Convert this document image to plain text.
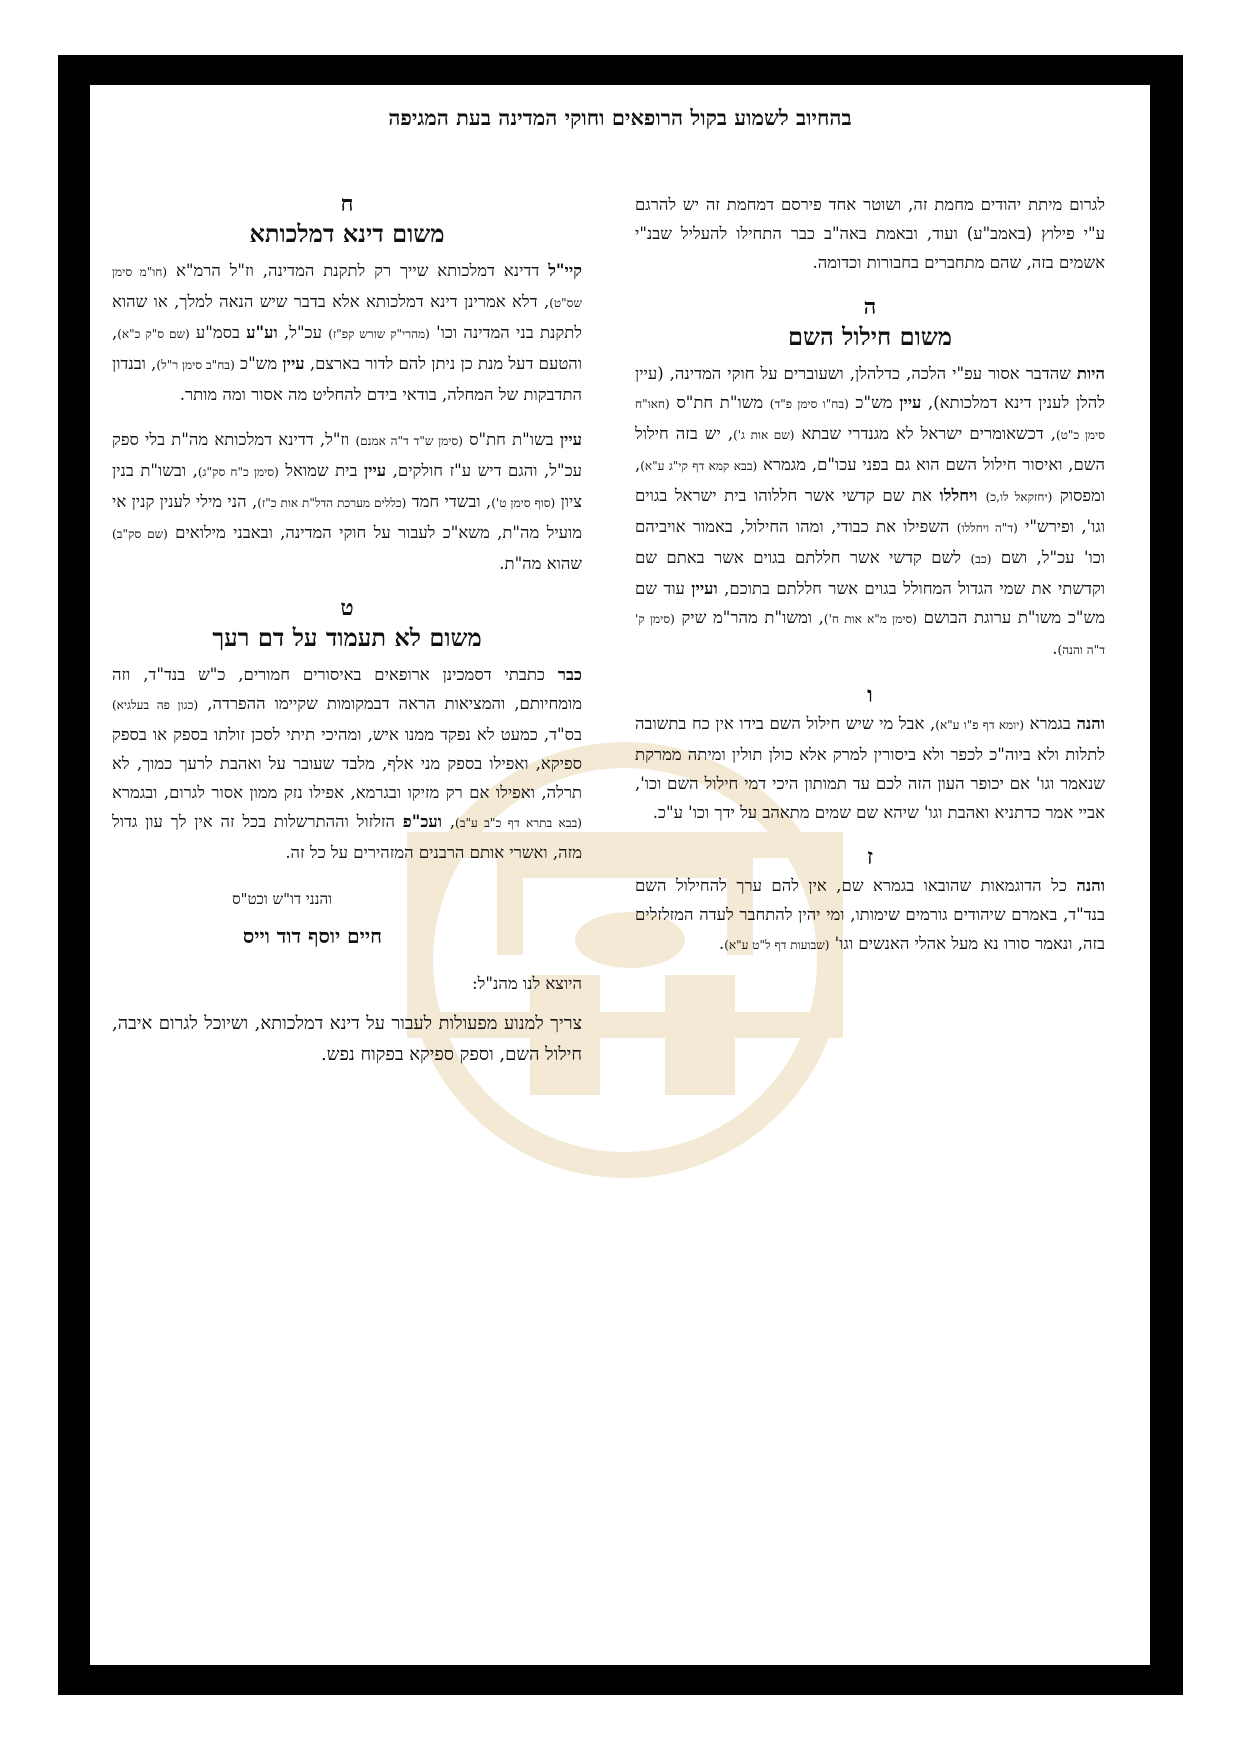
בהחיוב לשמוע בקול הרופאים וחוקי המדינה בעת המגיפה

לגרום מיתת יהודים מחמת זה, ושוטר אחד פירסם דמחמת זה יש להרגם ע"י פילוץ (באמב"ע) ועוד, ובאמת באה"ב כבר התחילו להעליל שבנ"י אשמים בזה, שהם מתחברים בחבורות וכדומה.

ה
משום חילול השם

היות שהדבר אסור עפ"י הלכה, כדלהלן, ושעוברים על חוקי המדינה, (עיין להלן לענין דינא דמלכותא), עיין מש"כ (בח"ו סימן פ"ד) משו"ת חת"ס (חאו"ח סימן כ"ט), דכשאומרים ישראל לא מגנדרי שבתא (שם אות ג'), יש בזה חילול השם, ואיסור חילול השם הוא גם בפני עכו"ם, מגמרא (בבא קמא דף קי"ג ע"א), ומפסוק (יחזקאל לו,כ) ויחללו את שם קדשי אשר חללוהו בית ישראל בגוים וגו', ופירש"י (ד"ה ויחללו) השפילו את כבודי, ומהו החילול, באמור אויביהם וכו' עכ"ל, ושם (כב) לשם קדשי אשר חללתם בגוים אשר באתם שם וקדשתי את שמי הגדול המחולל בגוים אשר חללתם בתוכם, ועיין עוד שם מש"כ משו"ת ערוגת הבושם (סימן מ"א אות ח'), ומשו"ת מהר"מ שיק (סימן ק' ד"ה והנה).

ו

והנה בגמרא (יומא דף פ"ו ע"א), אבל מי שיש חילול השם בידו אין כח בתשובה לתלות ולא ביוה"כ לכפר ולא ביסורין למרק אלא כולן תולין ומיתה ממרקת שנאמר וגו' אם יכופר העון הזה לכם עד תמותון היכי דמי חילול השם וכו', אביי אמר כדתניא ואהבת וגו' שיהא שם שמים מתאהב על ידך וכו' ע"כ.

ז

והנה כל הדוגמאות שהובאו בגמרא שם, אין להם ערך להחילול השם בנד"ד, באמרם שיהודים גורמים שימותו, ומי יהין להתחבר לעדה המזלזלים בזה, ונאמר סורו נא מעל אהלי האנשים וגו' (שבועות דף ל"ט ע"א).

ח
משום דינא דמלכותא

קיי"ל דדינא דמלכותא שייך רק לתקנת המדינה, וז"ל הרמ"א (חו"מ סימן שס"ט), דלא אמרינן דינא דמלכותא אלא בדבר שיש הנאה למלך, או שהוא לתקנת בני המדינה וכו' (מהרי"ק שורש קפ"ז) עכ"ל, וע"ע בסמ"ע (שם ס"ק כ"א), והטעם דעל מנת כן ניתן להם לדור בארצם, עיין מש"כ (בח"ב סימן ר"ל), ובנדון התדבקות של המחלה, בודאי בידם להחליט מה אסור ומה מותר.

עיין בשו"ת חת"ס (סימן ש"ד ד"ה אמנם) וז"ל, דדינא דמלכותא מה"ת בלי ספק עכ"ל, והגם דיש ע"ז חולקים, עיין בית שמואל (סימן כ"ח סק"ג), ובשו"ת בנין ציון (סוף סימן ט'), ובשדי חמד (כללים מערכת הדל"ת אות כ"ז), הני מילי לענין קנין אי מועיל מה"ת, משא"כ לעבור על חוקי המדינה, ובאבני מילואים (שם סק"ב) שהוא מה"ת.

ט
משום לא תעמוד על דם רעך

כבר כתבתי דסמכינן ארופאים באיסורים חמורים, כ"ש בנד"ד, וזה מומחיותם, והמציאות הראה דבמקומות שקיימו ההפרדה, (כגון פה בעלגיא) בס"ד, כמעט לא נפקד ממנו איש, ומהיכי תיתי לסכן זולתו בספק או בספק ספיקא, ואפילו בספק מני אלף, מלבד שעובר על ואהבת לרעך כמוך, לא תרלה, ואפילו אם רק מזיקו ובגרמא, אפילו נזק ממון אסור לגרום, ובגמרא (בבא בתרא דף כ"ב ע"ב), ועכ"פ הזלזול וההתרשלות בכל זה אין לך עון גדול מזה, ואשרי אותם הרבנים המזהירים על כל זה.

והנני דו"ש וכט"ס
חיים יוסף דוד וייס
היוצא לנו מהנ"ל:
צריך למנוע מפעולות לעבור על דינא דמלכותא, ושיוכל לגרום איבה, חילול השם, וספק ספיקא בפקוח נפש.
